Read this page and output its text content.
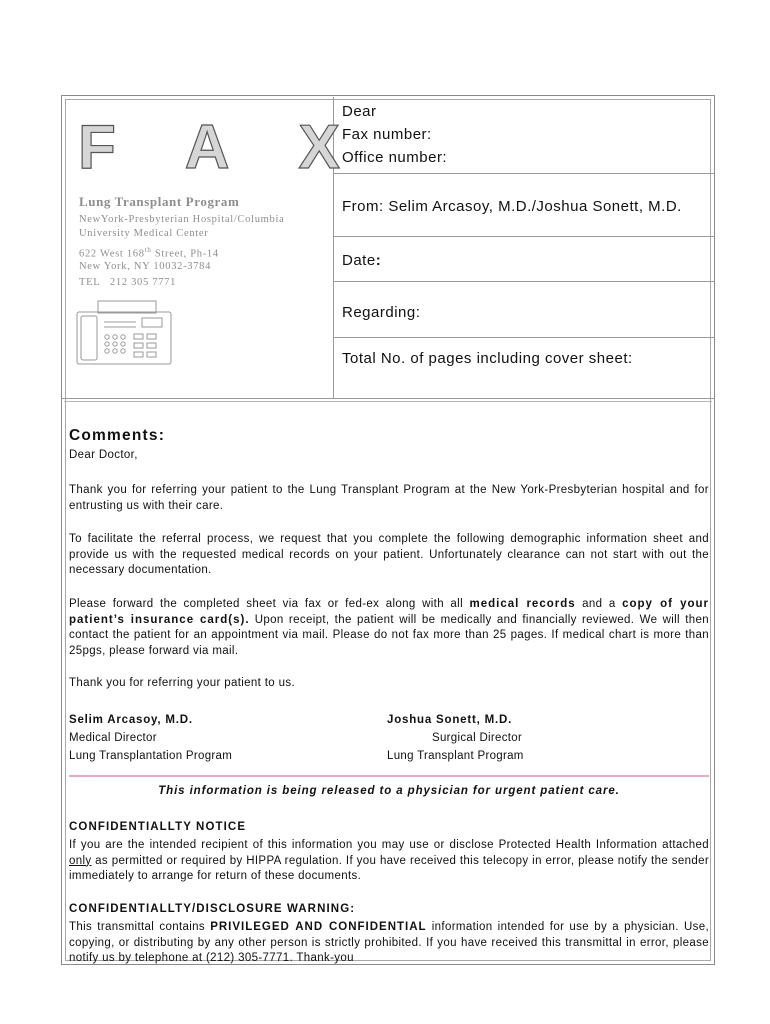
F A X
Lung Transplant Program
NewYork-Presbyterian Hospital/Columbia
University Medical Center
622 West 168th Street, Ph-14
New York, NY 10032-3784
TEL   212 305 7771
Dear
Fax number:
Office number:
From: Selim Arcasoy, M.D./Joshua Sonett, M.D.
Date:
Regarding:
Total No. of pages including cover sheet:
Comments:
Dear Doctor,
Thank you for referring your patient to the Lung Transplant Program at the New York-Presbyterian hospital and for entrusting us with their care.
To facilitate the referral process, we request that you complete the following demographic information sheet and provide us with the requested medical records on your patient. Unfortunately clearance can not start with out the necessary documentation.
Please forward the completed sheet via fax or fed-ex along with all medical records and a copy of your patient’s insurance card(s). Upon receipt, the patient will be medically and financially reviewed. We will then contact the patient for an appointment via mail. Please do not fax more than 25 pages. If medical chart is more than 25pgs, please forward via mail.
Thank you for referring your patient to us.
Selim Arcasoy, M.D.
Medical Director
Lung Transplantation Program
Joshua Sonett, M.D.
Surgical Director
Lung Transplant Program
This information is being released to a physician for urgent patient care.
CONFIDENTIALLTY NOTICE
If you are the intended recipient of this information you may use or disclose Protected Health Information attached only as permitted or required by HIPPA regulation. If you have received this telecopy in error, please notify the sender immediately to arrange for return of these documents.
CONFIDENTIALLTY/DISCLOSURE WARNING:
This transmittal contains PRIVILEGED AND CONFIDENTIAL information intended for use by a physician. Use, copying, or distributing by any other person is strictly prohibited. If you have received this transmittal in error, please notify us by telephone at (212) 305-7771. Thank-you
